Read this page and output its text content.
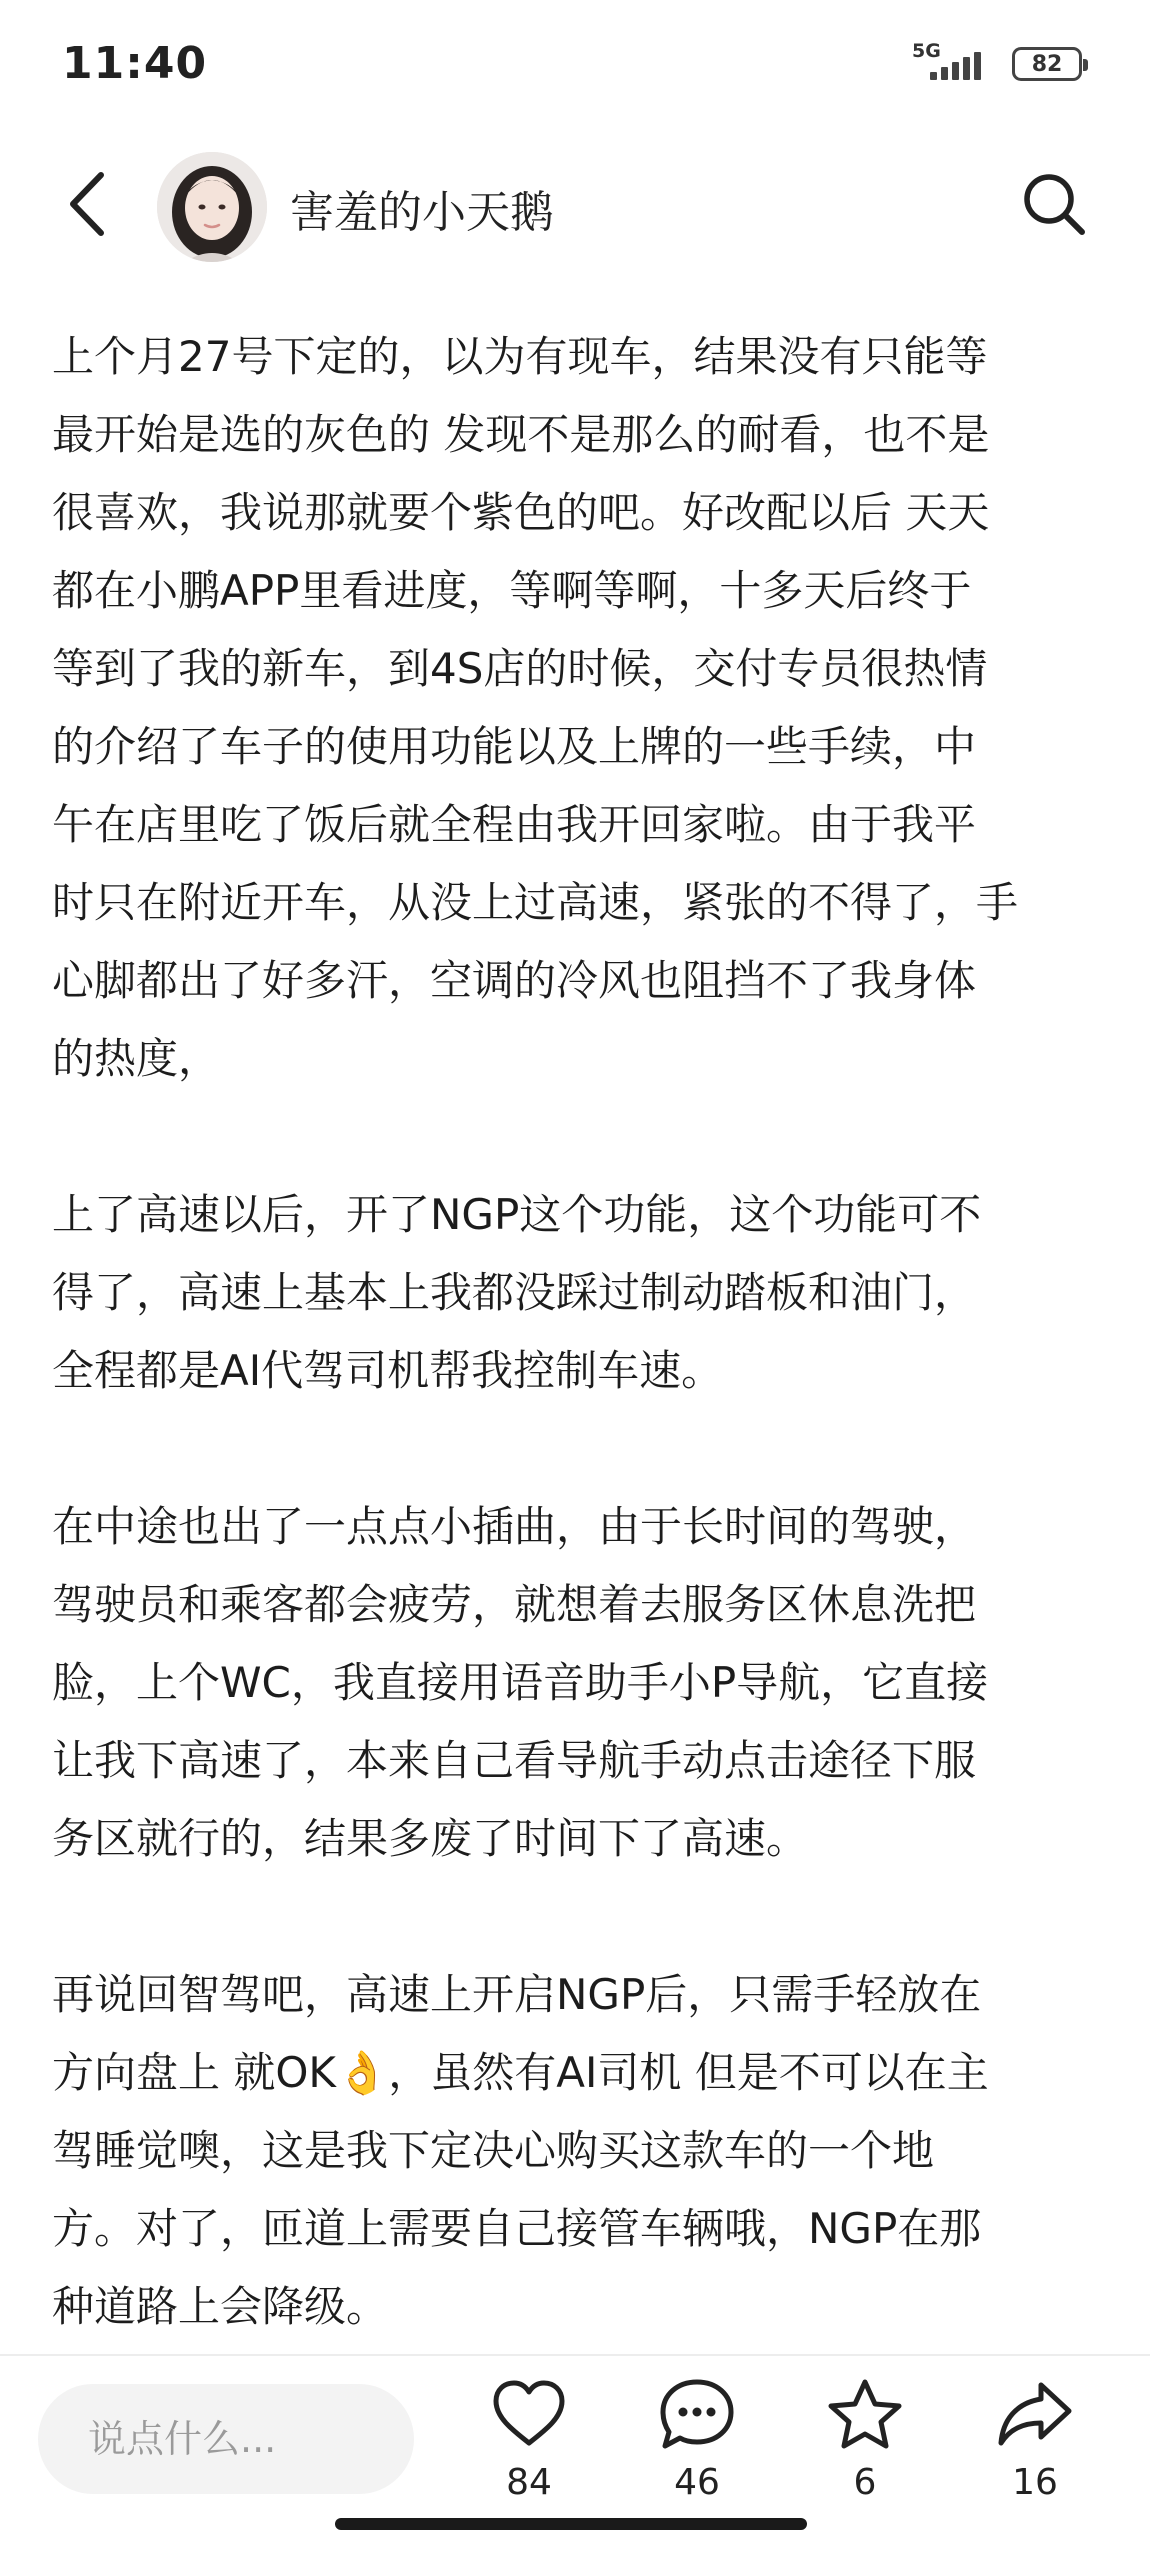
11:40	5G
82
害羞的小天鹅

上个月27号下定的，以为有现车，结果没有只能等
最开始是选的灰色的 发现不是那么的耐看，也不是
很喜欢，我说那就要个紫色的吧。好改配以后 天天
都在小鹏APP里看进度，等啊等啊，十多天后终于
等到了我的新车，到4S店的时候，交付专员很热情
的介绍了车子的使用功能以及上牌的一些手续，中
午在店里吃了饭后就全程由我开回家啦。由于我平
时只在附近开车，从没上过高速，紧张的不得了，手
心脚都出了好多汗，空调的冷风也阻挡不了我身体
的热度，

上了高速以后，开了NGP这个功能，这个功能可不
得了，高速上基本上我都没踩过制动踏板和油门，
全程都是AI代驾司机帮我控制车速。

在中途也出了一点点小插曲，由于长时间的驾驶，
驾驶员和乘客都会疲劳，就想着去服务区休息洗把
脸，上个WC，我直接用语音助手小P导航，它直接
让我下高速了，本来自己看导航手动点击途径下服
务区就行的，结果多废了时间下了高速。

再说回智驾吧，高速上开启NGP后，只需手轻放在
方向盘上 就OK👌，虽然有AI司机 但是不可以在主
驾睡觉噢，这是我下定决心购买这款车的一个地
方。对了，匝道上需要自己接管车辆哦，NGP在那
种道路上会降级。

说点什么...
84	46	6	16
